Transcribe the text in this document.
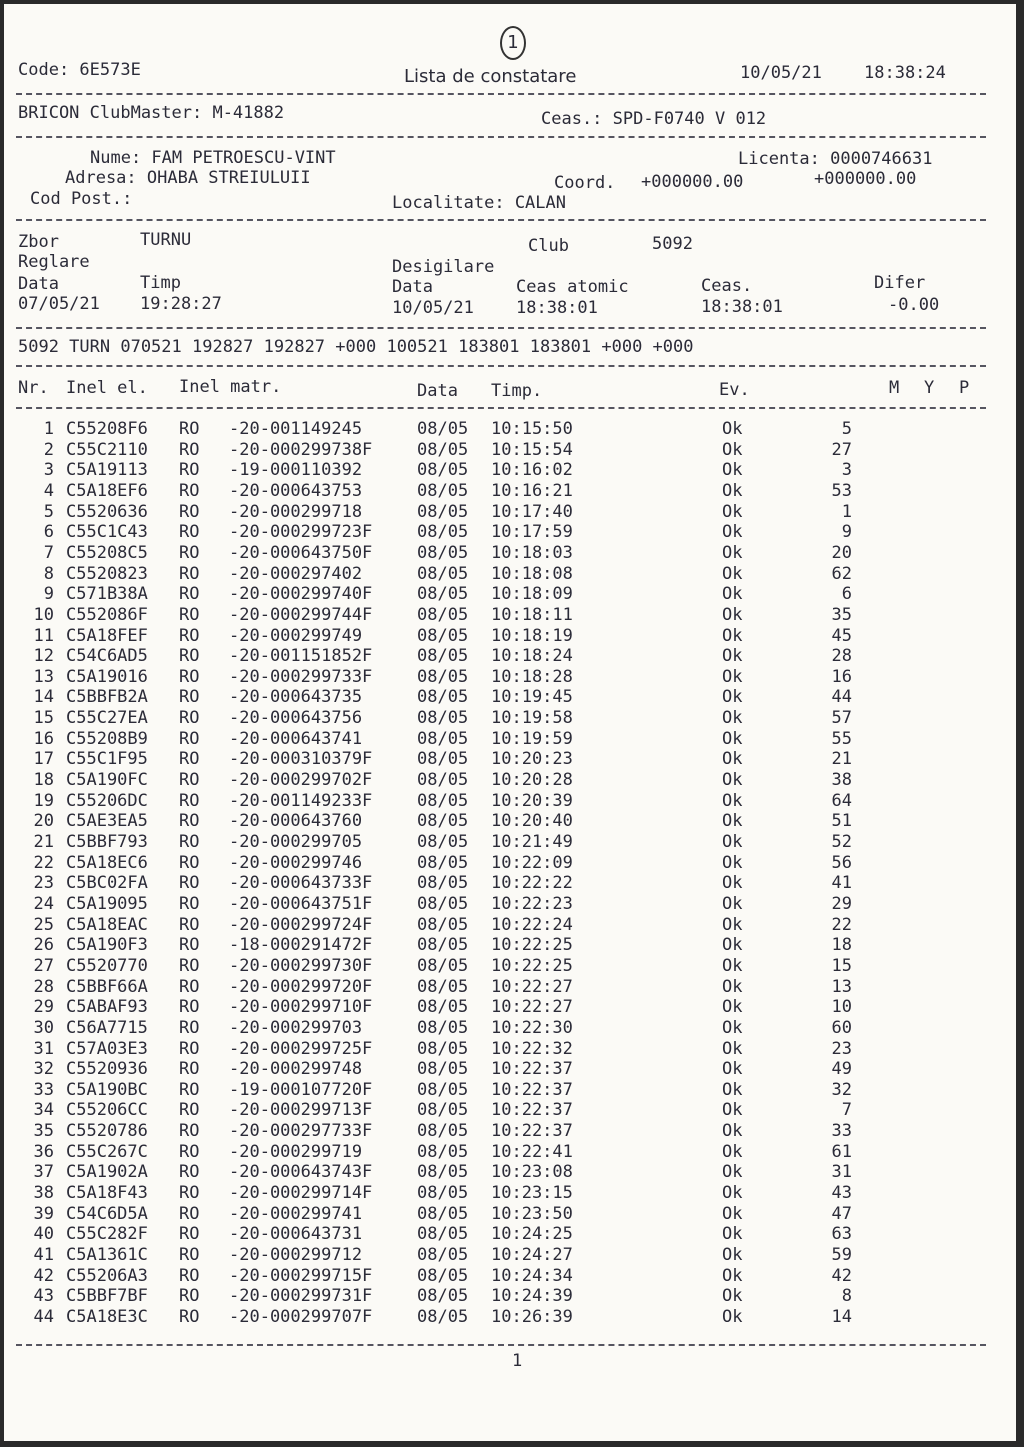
1
Code: 6E573E	Lista de constatare	10/05/21 18:38:24
BRICON ClubMaster: M-41882	Ceas.: SPD-F0740 V 012
Nume: FAM PETROESCU-VINT
Adresa: OHABA STREIULUII
Cod Post.:
Licenta: 0000746631
Coord. +000000.00	+000000.00
Localitate: CALAN
Zbor	TURNU	Club	5092
Reglare	Desigilare
Data	Timp	Data	Ceas atomic	Ceas.	Difer
07/05/21 19:28:27	10/05/21 18:38:01	18:38:01	-0.00
5092 TURN 070521 192827 192827 +000 100521 183801 183801 +000 +000
Nr. Inel el. Inel matr.	Data Timp.	Ev.	M Y P
1 C55208F6	RO	-20-001149245	08/05	10:15:50	Ok	5
2 C55C2110	RO	-20-000299738F	08/05	10:15:54	Ok	27
3 C5A19113	RO	-19-000110392	08/05	10:16:02	Ok	3
4 C5A18EF6	RO	-20-000643753	08/05	10:16:21	Ok	53
5 C5520636	RO	-20-000299718	08/05	10:17:40	Ok	1
6 C55C1C43	RO	-20-000299723F	08/05	10:17:59	Ok	9
7 C55208C5	RO	-20-000643750F	08/05	10:18:03	Ok	20
8 C5520823	RO	-20-000297402	08/05	10:18:08	Ok	62
9 C571B38A	RO	-20-000299740F	08/05	10:18:09	Ok	6
10 C552086F	RO	-20-000299744F	08/05	10:18:11	Ok	35
11 C5A18FEF	RO	-20-000299749	08/05	10:18:19	Ok	45
12 C54C6AD5	RO	-20-001151852F	08/05	10:18:24	Ok	28
13 C5A19016	RO	-20-000299733F	08/05	10:18:28	Ok	16
14 C5BBFB2A	RO	-20-000643735	08/05	10:19:45	Ok	44
15 C55C27EA	RO	-20-000643756	08/05	10:19:58	Ok	57
16 C55208B9	RO	-20-000643741	08/05	10:19:59	Ok	55
17 C55C1F95	RO	-20-000310379F	08/05	10:20:23	Ok	21
18 C5A190FC	RO	-20-000299702F	08/05	10:20:28	Ok	38
19 C55206DC	RO	-20-001149233F	08/05	10:20:39	Ok	64
20 C5AE3EA5	RO	-20-000643760	08/05	10:20:40	Ok	51
21 C5BBF793	RO	-20-000299705	08/05	10:21:49	Ok	52
22 C5A18EC6	RO	-20-000299746	08/05	10:22:09	Ok	56
23 C5BC02FA	RO	-20-000643733F	08/05	10:22:22	Ok	41
24 C5A19095	RO	-20-000643751F	08/05	10:22:23	Ok	29
25 C5A18EAC	RO	-20-000299724F	08/05	10:22:24	Ok	22
26 C5A190F3	RO	-18-000291472F	08/05	10:22:25	Ok	18
27 C5520770	RO	-20-000299730F	08/05	10:22:25	Ok	15
28 C5BBF66A	RO	-20-000299720F	08/05	10:22:27	Ok	13
29 C5ABAF93	RO	-20-000299710F	08/05	10:22:27	Ok	10
30 C56A7715	RO	-20-000299703	08/05	10:22:30	Ok	60
31 C57A03E3	RO	-20-000299725F	08/05	10:22:32	Ok	23
32 C5520936	RO	-20-000299748	08/05	10:22:37	Ok	49
33 C5A190BC	RO	-19-000107720F	08/05	10:22:37	Ok	32
34 C55206CC	RO	-20-000299713F	08/05	10:22:37	Ok	7
35 C5520786	RO	-20-000297733F	08/05	10:22:37	Ok	33
36 C55C267C	RO	-20-000299719	08/05	10:22:41	Ok	61
37 C5A1902A	RO	-20-000643743F	08/05	10:23:08	Ok	31
38 C5A18F43	RO	-20-000299714F	08/05	10:23:15	Ok	43
39 C54C6D5A	RO	-20-000299741	08/05	10:23:50	Ok	47
40 C55C282F	RO	-20-000643731	08/05	10:24:25	Ok	63
41 C5A1361C	RO	-20-000299712	08/05	10:24:27	Ok	59
42 C55206A3	RO	-20-000299715F	08/05	10:24:34	Ok	42
43 C5BBF7BF	RO	-20-000299731F	08/05	10:24:39	Ok	8
44 C5A18E3C	RO	-20-000299707F	08/05	10:26:39	Ok	14
1
